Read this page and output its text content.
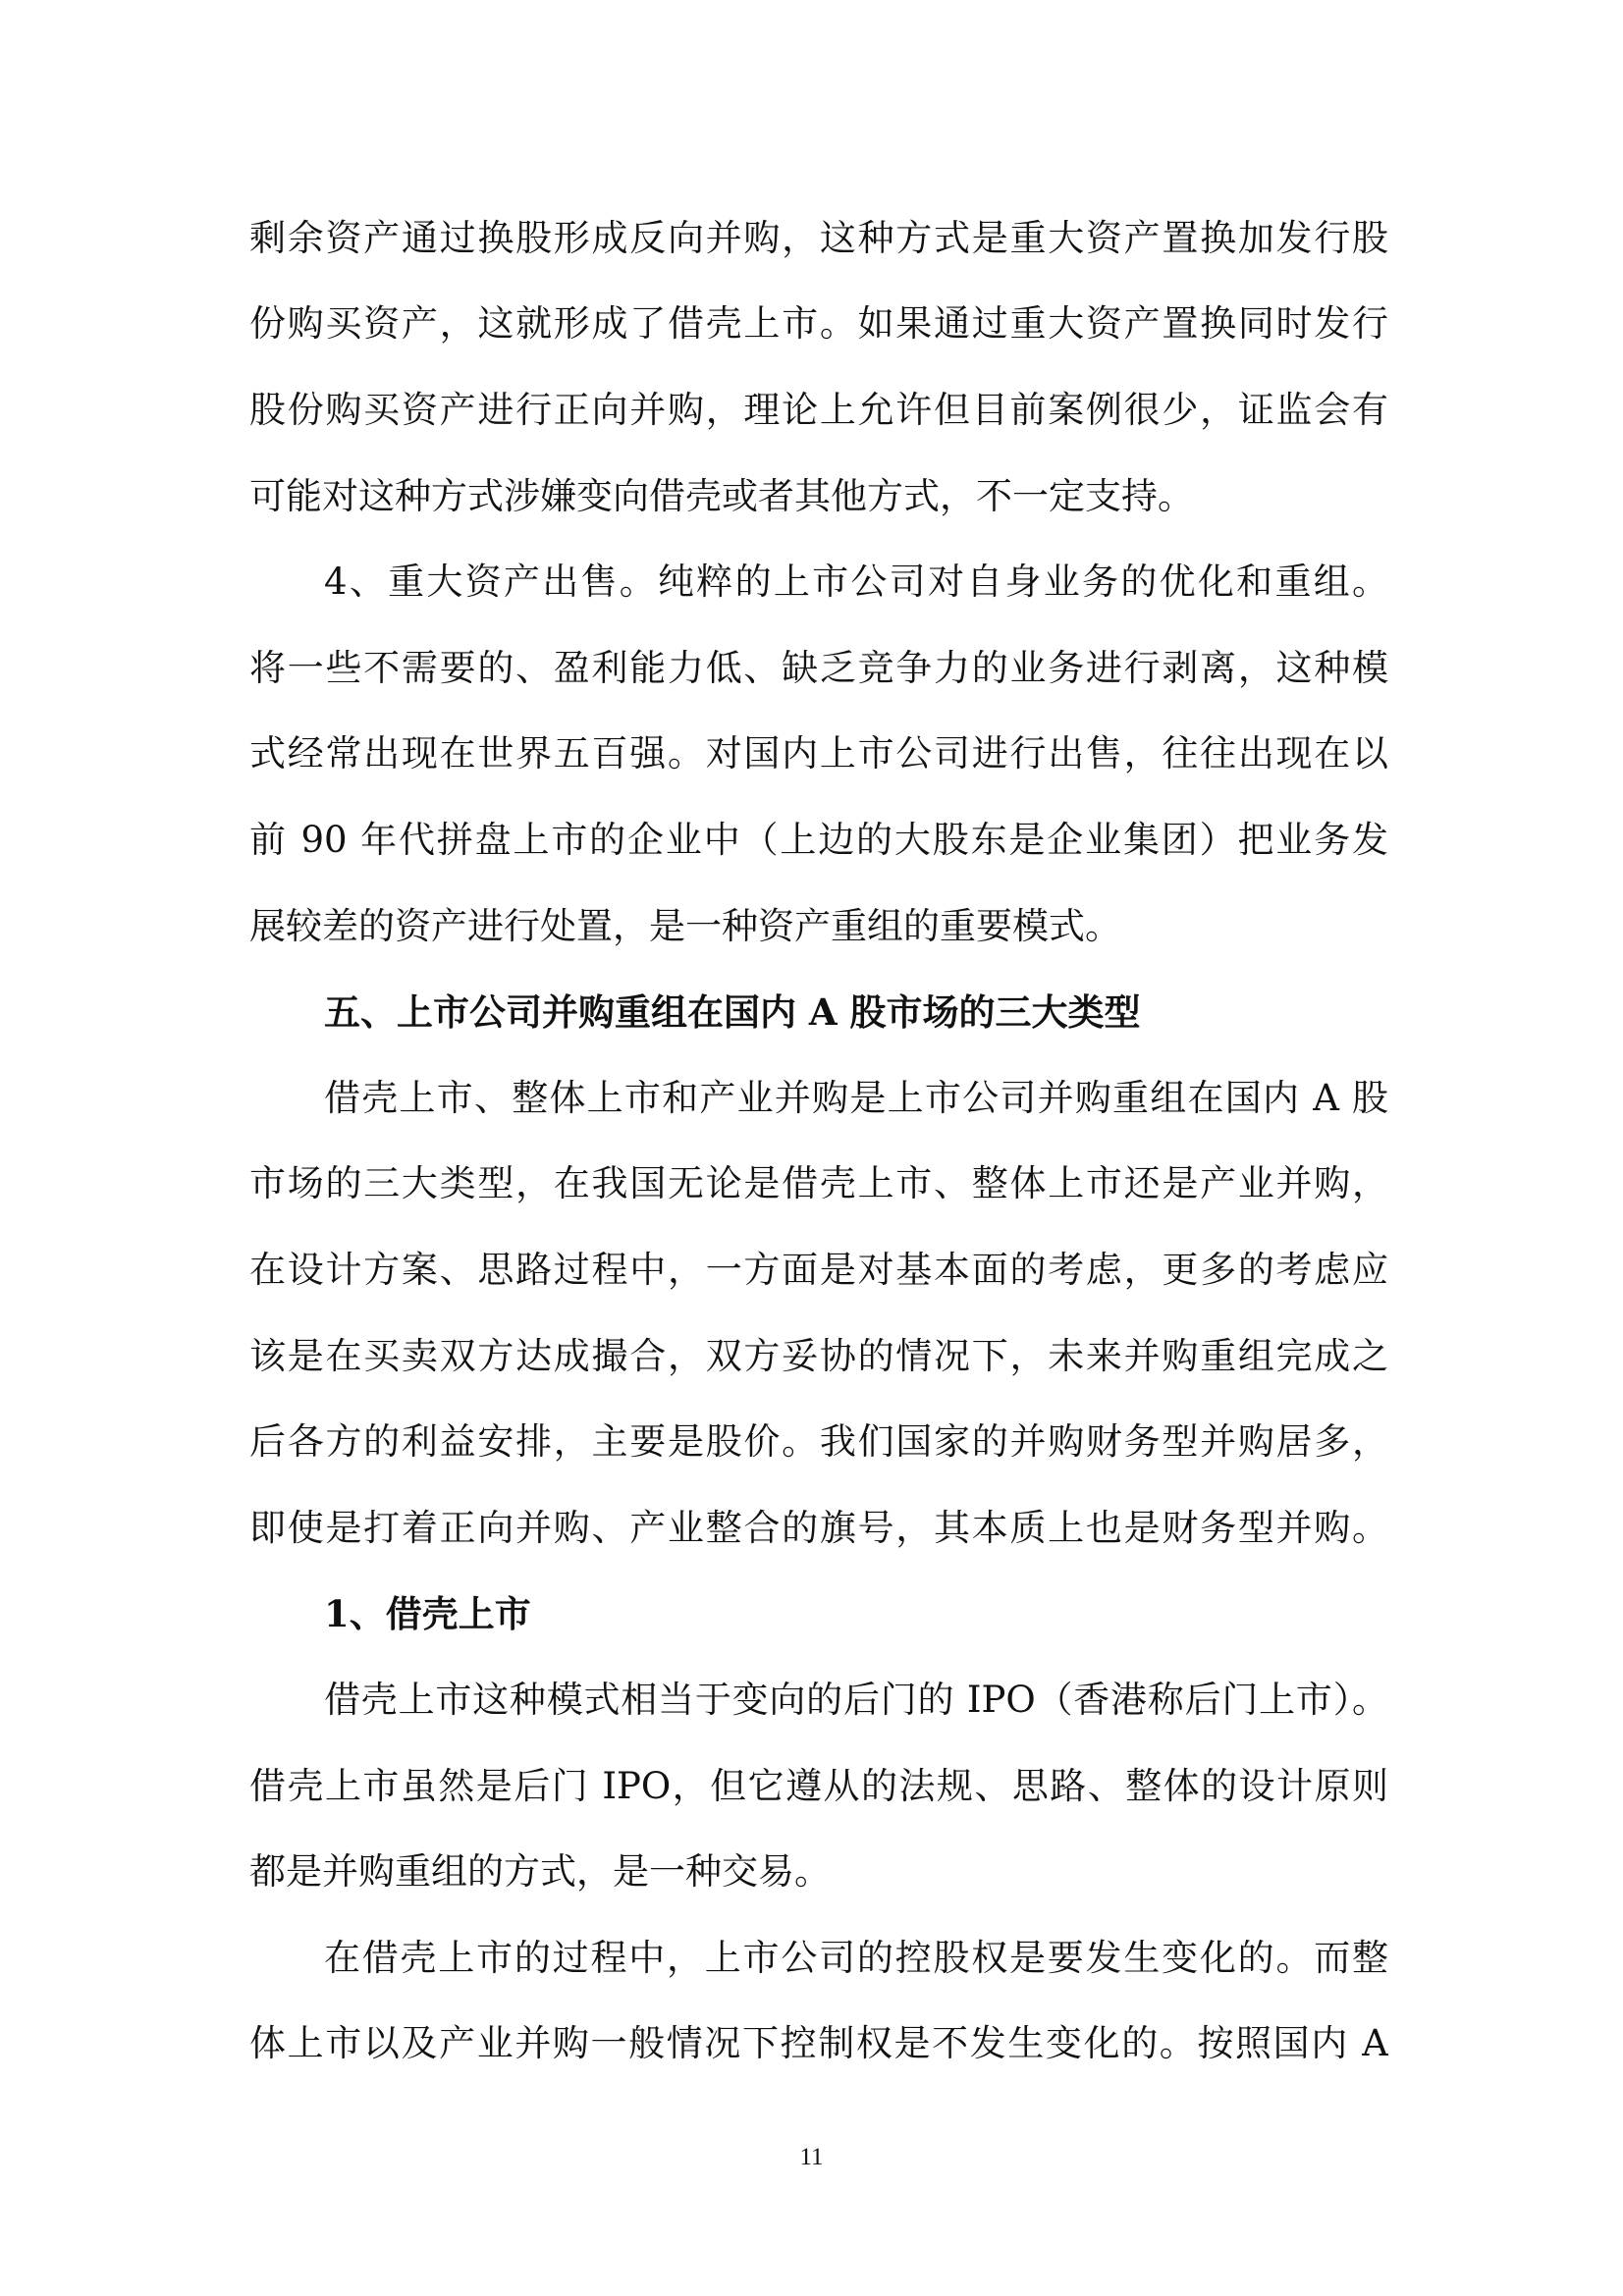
剩余资产通过换股形成反向并购，这种方式是重大资产置换加发行股
份购买资产，这就形成了借壳上市。如果通过重大资产置换同时发行
股份购买资产进行正向并购，理论上允许但目前案例很少，证监会有
可能对这种方式涉嫌变向借壳或者其他方式，不一定支持。
4、重大资产出售。纯粹的上市公司对自身业务的优化和重组。
将一些不需要的、盈利能力低、缺乏竞争力的业务进行剥离，这种模
式经常出现在世界五百强。对国内上市公司进行出售，往往出现在以
前 90 年代拼盘上市的企业中（上边的大股东是企业集团）把业务发
展较差的资产进行处置，是一种资产重组的重要模式。
五、上市公司并购重组在国内 A 股市场的三大类型
借壳上市、整体上市和产业并购是上市公司并购重组在国内 A 股
市场的三大类型，在我国无论是借壳上市、整体上市还是产业并购，
在设计方案、思路过程中，一方面是对基本面的考虑，更多的考虑应
该是在买卖双方达成撮合，双方妥协的情况下，未来并购重组完成之
后各方的利益安排，主要是股价。我们国家的并购财务型并购居多，
即使是打着正向并购、产业整合的旗号，其本质上也是财务型并购。
1、借壳上市
借壳上市这种模式相当于变向的后门的 IPO（香港称后门上市）。
借壳上市虽然是后门 IPO，但它遵从的法规、思路、整体的设计原则
都是并购重组的方式，是一种交易。
在借壳上市的过程中，上市公司的控股权是要发生变化的。而整
体上市以及产业并购一般情况下控制权是不发生变化的。按照国内 A
11
